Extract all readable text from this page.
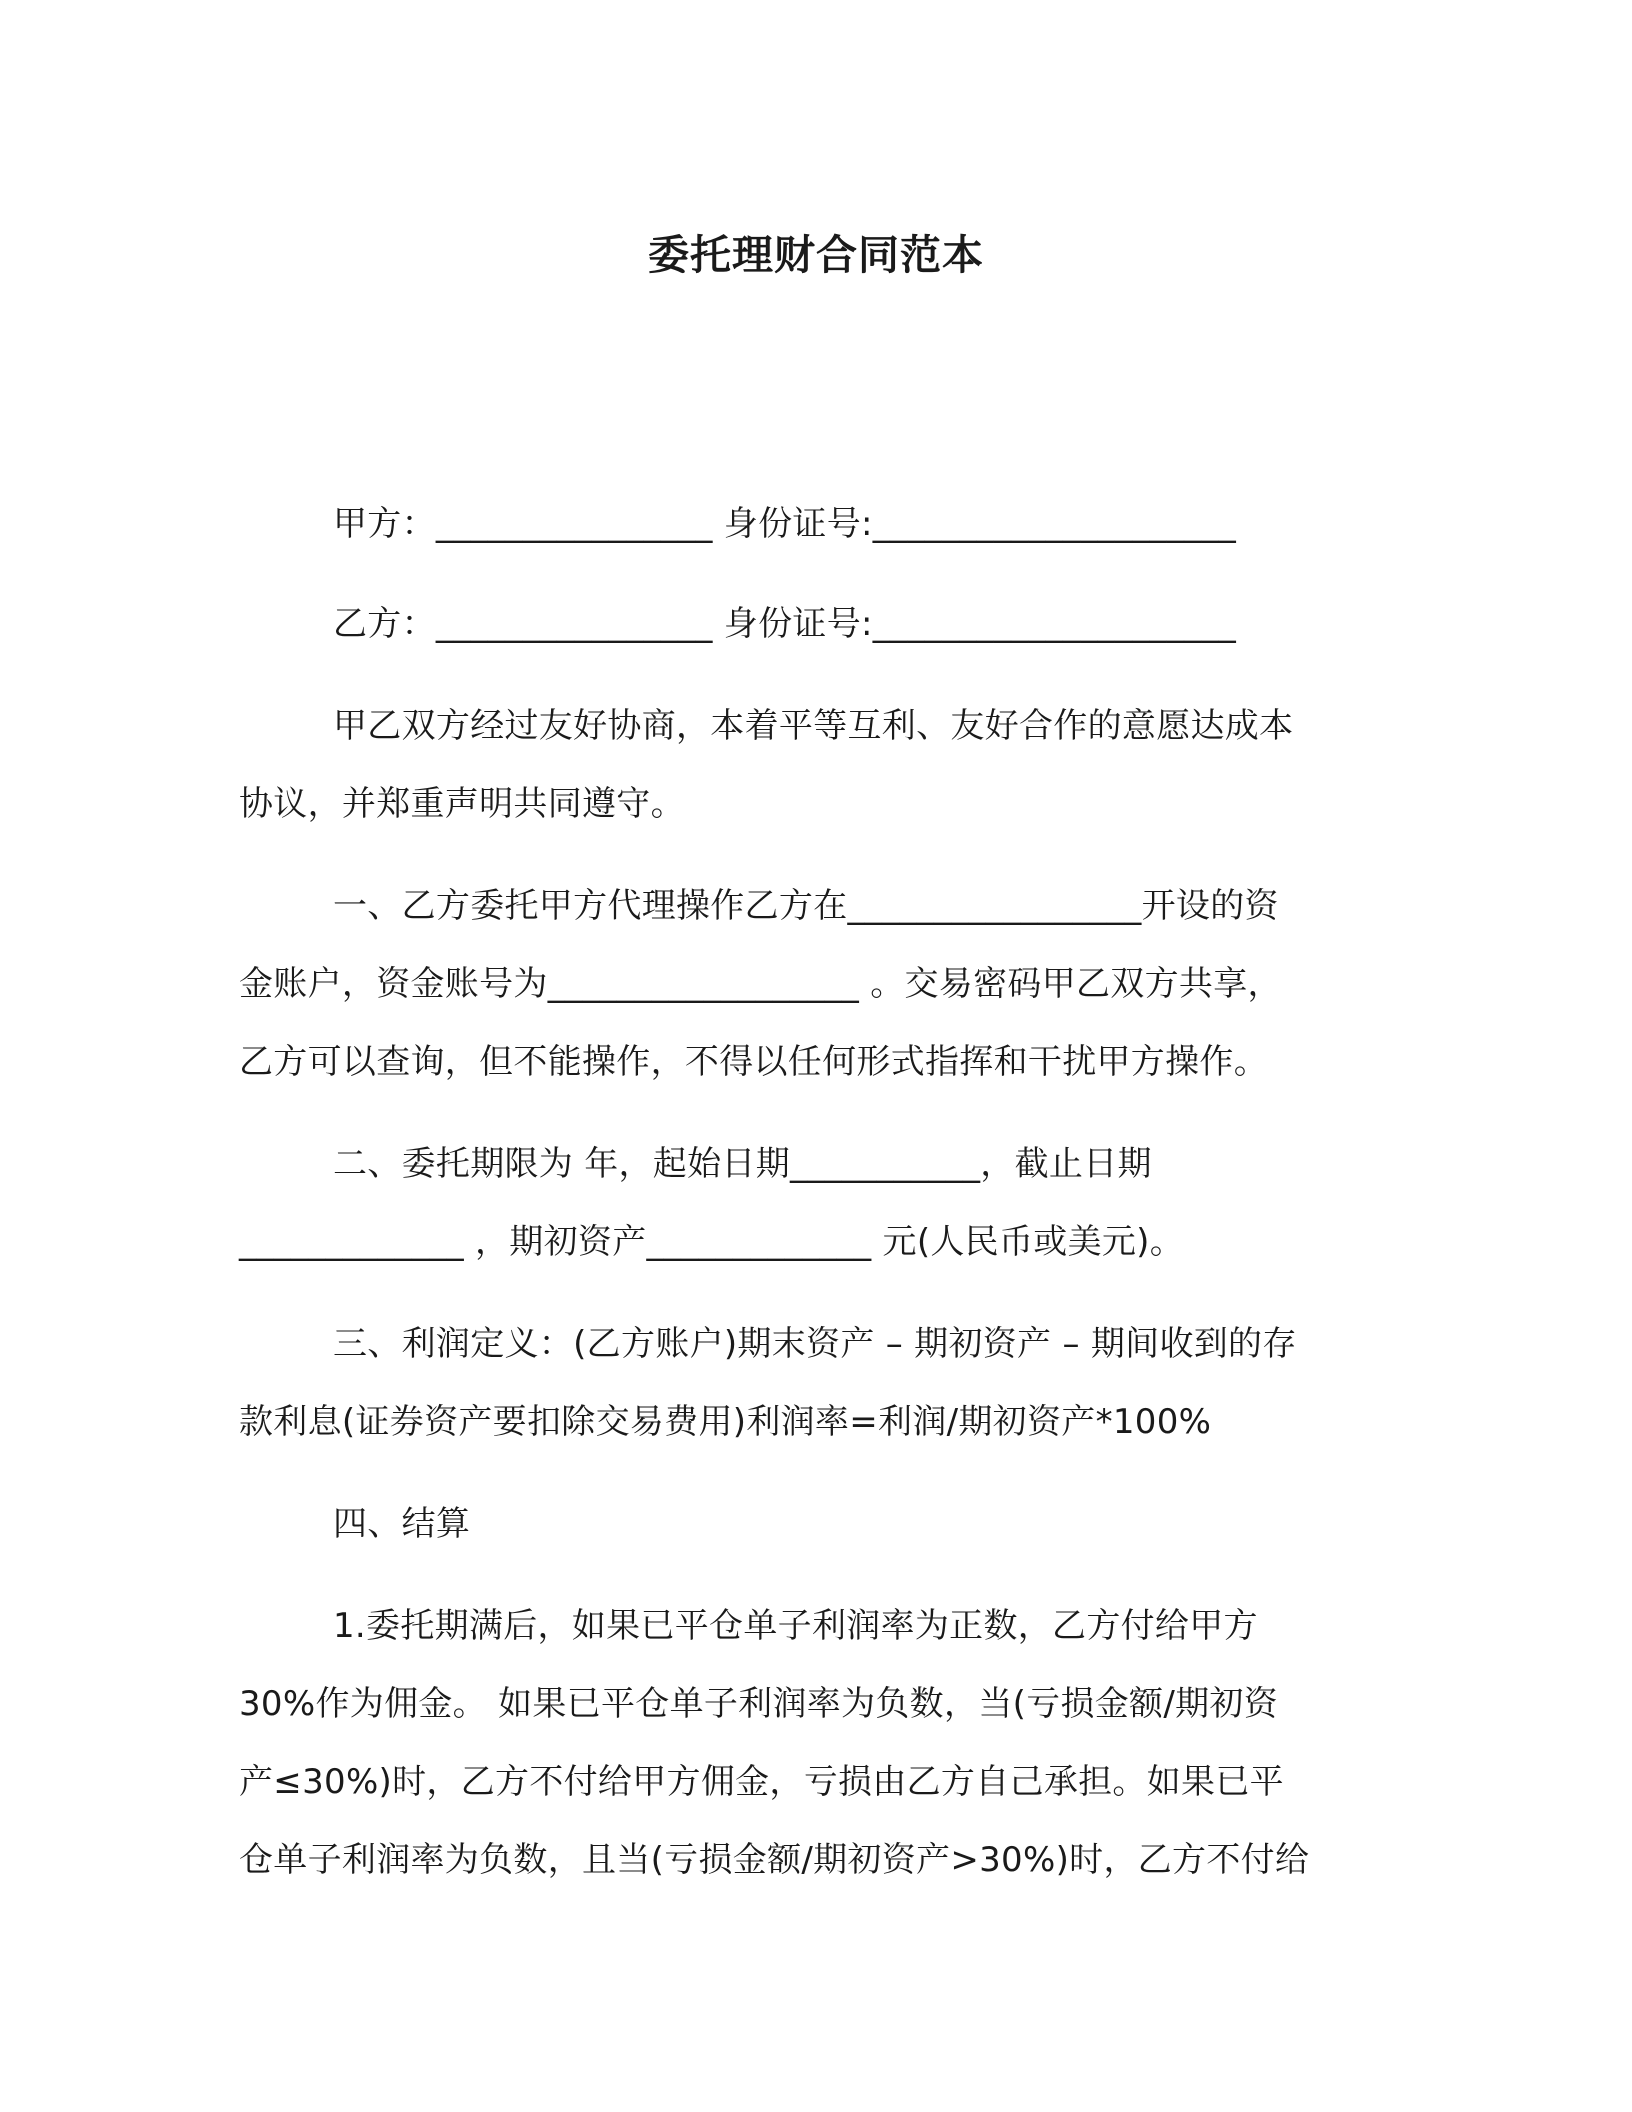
委托理财合同范本
甲方：________________ 身份证号:_____________________
乙方：________________ 身份证号:_____________________
甲乙双方经过友好协商，本着平等互利、友好合作的意愿达成本
协议，并郑重声明共同遵守。
一、乙方委托甲方代理操作乙方在_________________开设的资
金账户，资金账号为__________________ 。交易密码甲乙双方共享，
乙方可以查询，但不能操作，不得以任何形式指挥和干扰甲方操作。
二、委托期限为 年，起始日期___________，截止日期
_____________ ，期初资产_____________ 元(人民币或美元)。
三、利润定义：(乙方账户)期末资产 – 期初资产 – 期间收到的存
款利息(证券资产要扣除交易费用)利润率=利润/期初资产*100%
四、结算
1.委托期满后，如果已平仓单子利润率为正数，乙方付给甲方
30%作为佣金。 如果已平仓单子利润率为负数，当(亏损金额/期初资
产≤30%)时，乙方不付给甲方佣金，亏损由乙方自己承担。如果已平
仓单子利润率为负数，且当(亏损金额/期初资产>30%)时，乙方不付给
